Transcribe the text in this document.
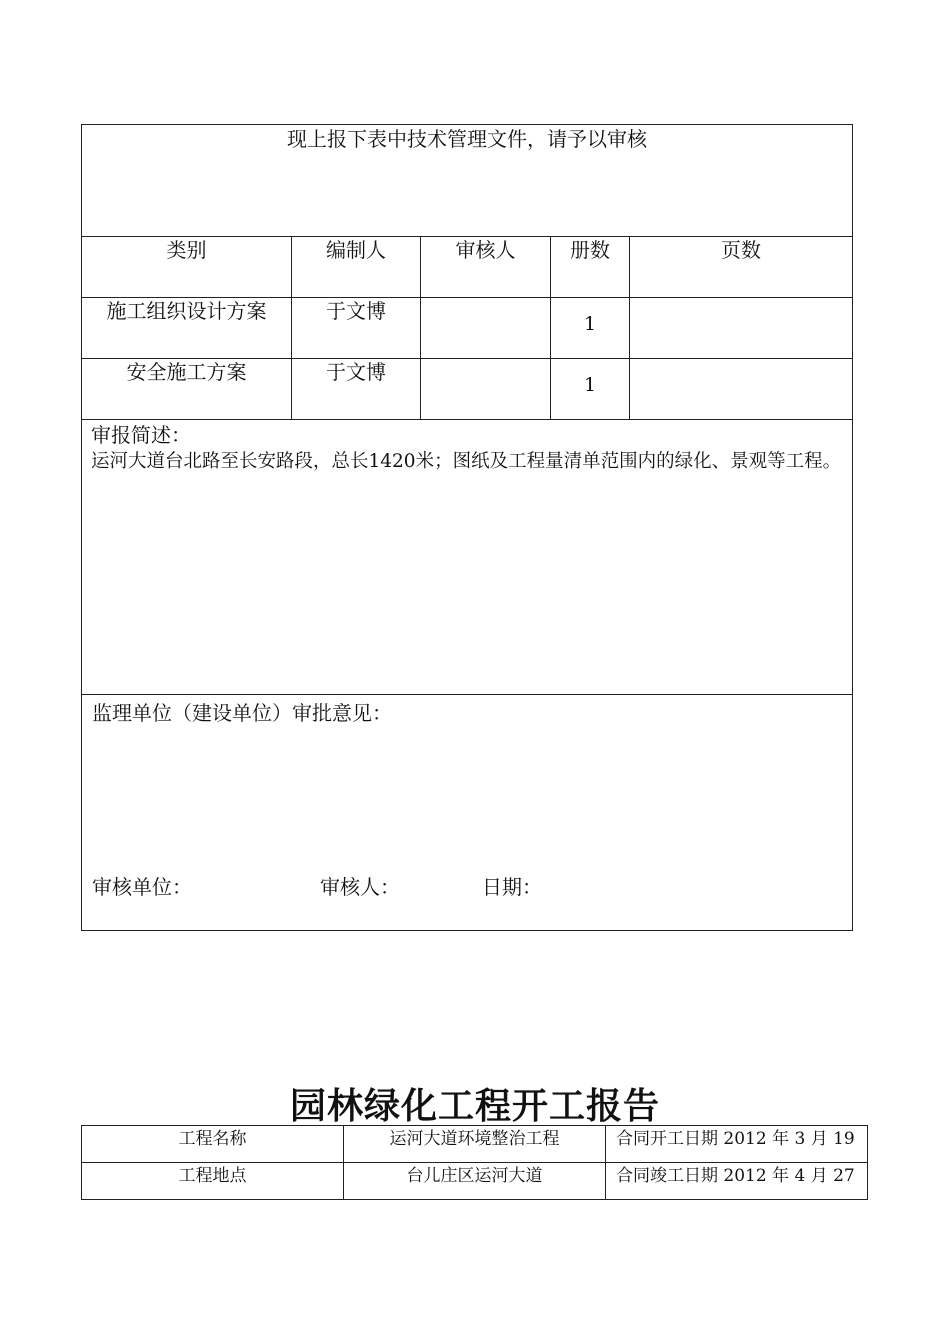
现上报下表中技术管理文件，请予以审核				
类别	编制人	审核人	册数	页数
施工组织设计方案	于文博		1	

安全施工方案	于文博		1	

审报简述：
运河大道台北路至长安路段，总长1420米；图纸及工程量清单范围内的绿化、景观等工程。				

监理单位（建设单位）审批意见：
审核单位： 审核人： 日期：				
园林绿化工程开工报告
工程名称	运河大道环境整治工程	合同开工日期 2012 年 3 月 19
工程地点	台儿庄区运河大道	合同竣工日期 2012 年 4 月 27
